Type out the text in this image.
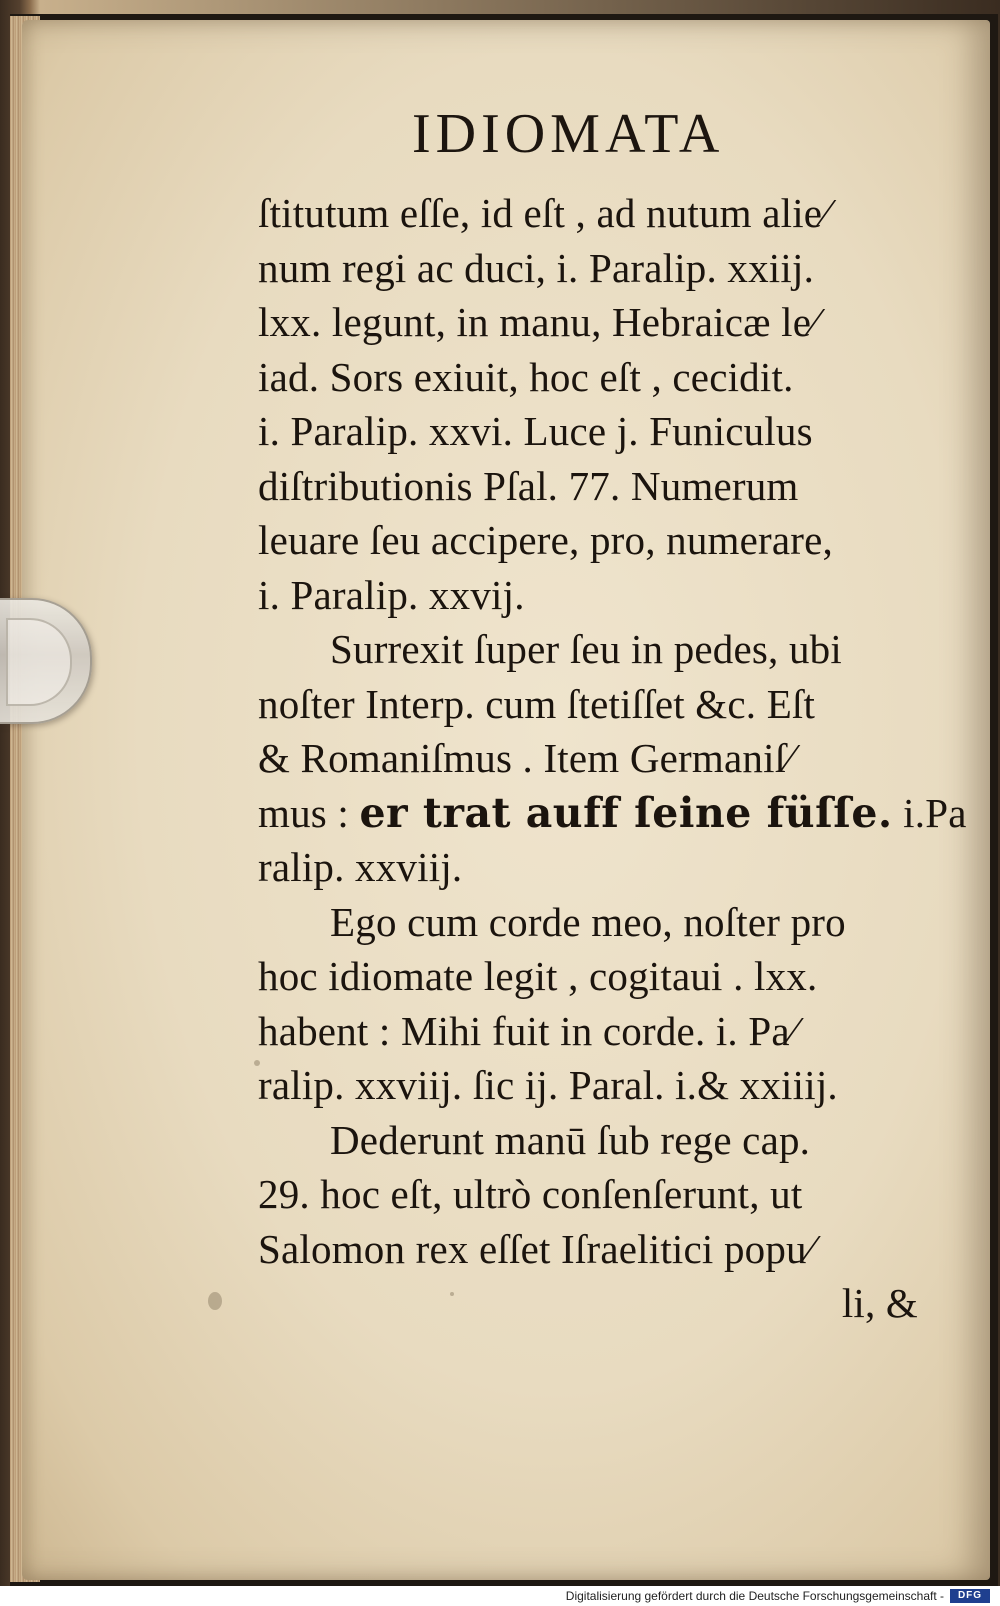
IDIOMATA
ſtitutum eſſe, id eſt , ad nutum alie⁄
num regi ac duci, i. Paralip. xxiij.
lxx. legunt, in manu, Hebraicæ le⁄
iad. Sors exiuit, hoc eſt , cecidit.
i. Paralip. xxvi. Luce j. Funiculus
diſtributionis Pſal. 77. Numerum
leuare ſeu accipere, pro, numerare,
i. Paralip. xxvij.
Surrexit ſuper ſeu in pedes, ubi
noſter Interp. cum ſtetiſſet &c. Eſt
& Romaniſmus . Item Germaniſ⁄
mus : er trat auff ſeine füſſe. i.Pa
ralip. xxviij.
Ego cum corde meo, noſter pro
hoc idiomate legit , cogitaui . lxx.
habent : Mihi fuit in corde. i. Pa⁄
ralip. xxviij. ſic ij. Paral. i.& xxiiij.
Dederunt manū ſub rege cap.
29. hoc eſt, ultrò conſenſerunt, ut
Salomon rex eſſet Iſraelitici popu⁄
li, &
Digitalisierung gefördert durch die Deutsche Forschungsgemeinschaft -	DFG
